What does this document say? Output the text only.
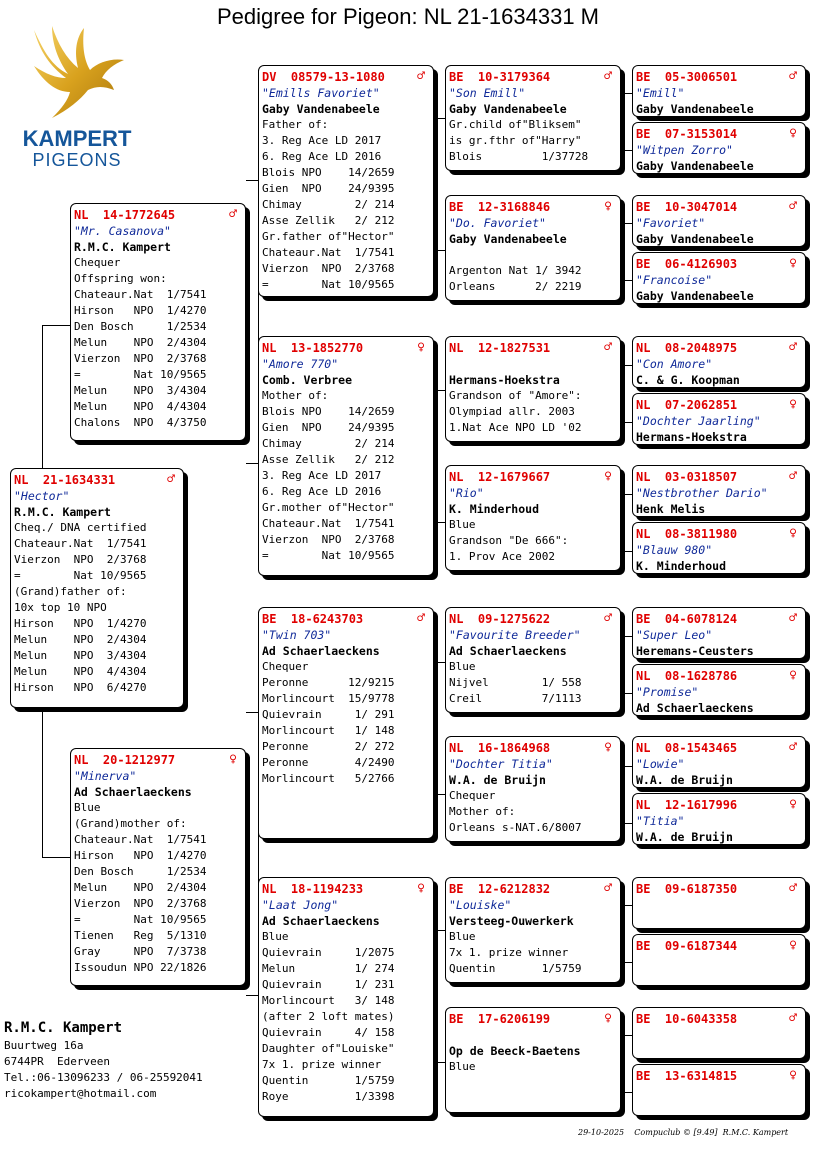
Pedigree for Pigeon: NL 21-1634331 M
KAMPERT
PIGEONS
NL  21-1634331	♂
"Hector"
R.M.C. Kampert
Cheq./ DNA certified
Chateaur.Nat  1/7541
Vierzon  NPO  2/3768
=        Nat 10/9565
(Grand)father of:
10x top 10 NPO
Hirson   NPO  1/4270
Melun    NPO  2/4304
Melun    NPO  3/4304
Melun    NPO  4/4304
Hirson   NPO  6/4270
NL  14-1772645	♂
"Mr. Casanova"
R.M.C. Kampert
Chequer
Offspring won:
Chateaur.Nat  1/7541
Hirson   NPO  1/4270
Den Bosch     1/2534
Melun    NPO  2/4304
Vierzon  NPO  2/3768
=        Nat 10/9565
Melun    NPO  3/4304
Melun    NPO  4/4304
Chalons  NPO  4/3750
NL  20-1212977	♀
"Minerva"
Ad Schaerlaeckens
Blue
(Grand)mother of:
Chateaur.Nat  1/7541
Hirson   NPO  1/4270
Den Bosch     1/2534
Melun    NPO  2/4304
Vierzon  NPO  2/3768
=        Nat 10/9565
Tienen   Reg  5/1310
Gray     NPO  7/3738
Issoudun NPO 22/1826
DV  08579-13-1080	♂
"Emills Favoriet"
Gaby Vandenabeele
Father of:
3. Reg Ace LD 2017
6. Reg Ace LD 2016
Blois NPO    14/2659
Gien  NPO    24/9395
Chimay        2/ 214
Asse Zellik   2/ 212
Gr.father of"Hector"
Chateaur.Nat  1/7541
Vierzon  NPO  2/3768
=        Nat 10/9565
NL  13-1852770	♀
"Amore 770"
Comb. Verbree
Mother of:
Blois NPO    14/2659
Gien  NPO    24/9395
Chimay        2/ 214
Asse Zellik   2/ 212
3. Reg Ace LD 2017
6. Reg Ace LD 2016
Gr.mother of"Hector"
Chateaur.Nat  1/7541
Vierzon  NPO  2/3768
=        Nat 10/9565
BE  18-6243703	♂
"Twin 703"
Ad Schaerlaeckens
Chequer
Peronne      12/9215
Morlincourt  15/9778
Quievrain     1/ 291
Morlincourt   1/ 148
Peronne       2/ 272
Peronne       4/2490
Morlincourt   5/2766
NL  18-1194233	♀
"Laat Jong"
Ad Schaerlaeckens
Blue
Quievrain     1/2075
Melun         1/ 274
Quievrain     1/ 231
Morlincourt   3/ 148
(after 2 loft mates)
Quievrain     4/ 158
Daughter of"Louiske"
7x 1. prize winner
Quentin       1/5759
Roye          1/3398
BE  10-3179364	♂
"Son Emill"
Gaby Vandenabeele
Gr.child of"Bliksem"
is gr.fthr of"Harry"
Blois         1/37728
BE  12-3168846	♀
"Do. Favoriet"
Gaby Vandenabeele

Argenton Nat 1/ 3942
Orleans      2/ 2219
NL  12-1827531	♂

Hermans-Hoekstra
Grandson of "Amore":
Olympiad allr. 2003
1.Nat Ace NPO LD '02
NL  12-1679667	♀
"Rio"
K. Minderhoud
Blue
Grandson "De 666":
1. Prov Ace 2002
NL  09-1275622	♂
"Favourite Breeder"
Ad Schaerlaeckens
Blue
Nijvel        1/ 558
Creil         7/1113
NL  16-1864968	♀
"Dochter Titia"
W.A. de Bruijn
Chequer
Mother of:
Orleans s-NAT.6/8007
BE  12-6212832	♂
"Louiske"
Versteeg-Ouwerkerk
Blue
7x 1. prize winner
Quentin       1/5759
BE  17-6206199	♀

Op de Beeck-Baetens
Blue
BE  05-3006501	♂
"Emill"
Gaby Vandenabeele
BE  07-3153014	♀
"Witpen Zorro"
Gaby Vandenabeele
BE  10-3047014	♂
"Favoriet"
Gaby Vandenabeele
BE  06-4126903	♀
"Francoise"
Gaby Vandenabeele
NL  08-2048975	♂
"Con Amore"
C. & G. Koopman
NL  07-2062851	♀
"Dochter Jaarling"
Hermans-Hoekstra
NL  03-0318507	♂
"Nestbrother Dario"
Henk Melis
NL  08-3811980	♀
"Blauw 980"
K. Minderhoud
BE  04-6078124	♂
"Super Leo"
Heremans-Ceusters
NL  08-1628786	♀
"Promise"
Ad Schaerlaeckens
NL  08-1543465	♂
"Lowie"
W.A. de Bruijn
NL  12-1617996	♀
"Titia"
W.A. de Bruijn
BE  09-6187350	♂
BE  09-6187344	♀
BE  10-6043358	♂
BE  13-6314815	♀
R.M.C. Kampert
Buurtweg 16a
6744PR  Ederveen
Tel.:06-13096233 / 06-25592041
ricokampert@hotmail.com
29-10-2025    Compuclub © [9.49]  R.M.C. Kampert
